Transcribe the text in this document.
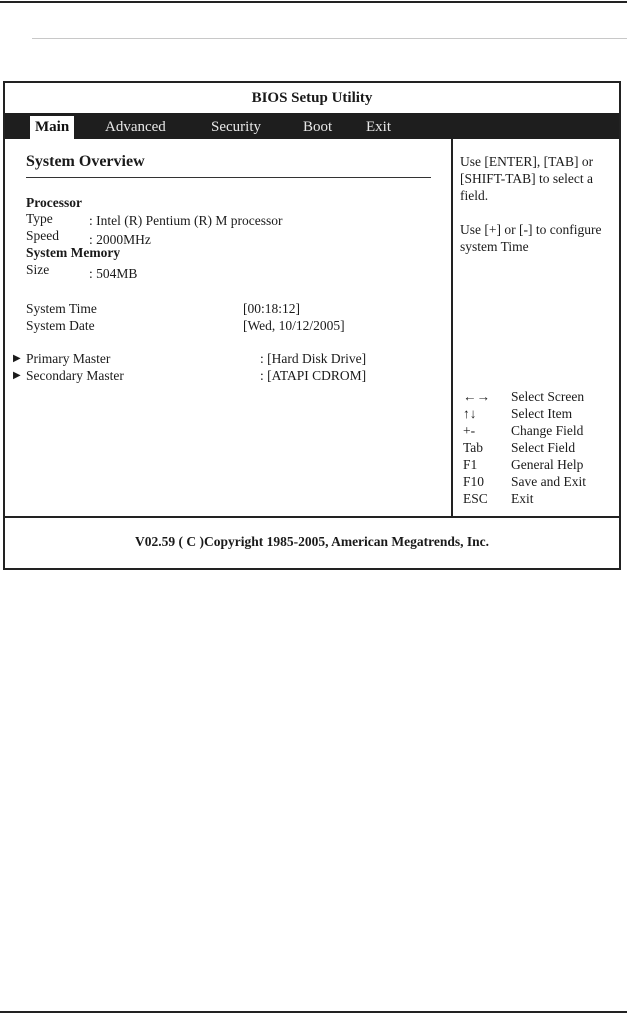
BIOS Setup Utility
Main	Advanced	Security	Boot	Exit
System Overview
Processor
Type	: Intel (R) Pentium (R) M processor
Speed : 2000MHz
System Memory
Size	: 504MB
System Time	[00:18:12]
System Date	[Wed, 10/12/2005]
▶ Primary Master	: [Hard Disk Drive]
▶ Secondary Master	: [ATAPI CDROM]
Use [ENTER], [TAB] or [SHIFT-TAB] to select a field.
Use [+] or [-] to configure system Time
←→	Select Screen
↑↓	Select Item
+-	Change Field
Tab	Select Field
F1	General Help
F10	Save and Exit
ESC	Exit
V02.59 ( C )Copyright 1985-2005, American Megatrends, Inc.
